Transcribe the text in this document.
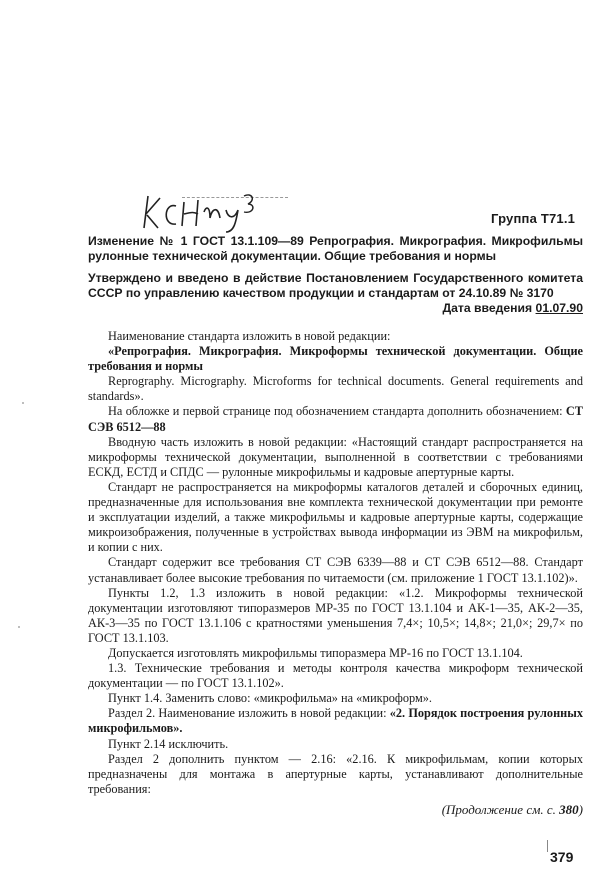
Группа Т71.1
Изменение № 1 ГОСТ 13.1.109—89 Репрография. Микрография. Микрофильмы рулонные технической документации. Общие требования и нормы
Утверждено и введено в действие Постановлением Государственного комитета СССР по управлению качеством продукции и стандартам от 24.10.89 № 3170
Дата введения 01.07.90

Наименование стандарта изложить в новой редакции:

«Репрография. Микрография. Микроформы технической документации. Общие требования и нормы

Reprography. Micrography. Microforms for technical documents. General requirements and standards».

На обложке и первой странице под обозначением стандарта дополнить обозначением: СТ СЭВ 6512—88

Вводную часть изложить в новой редакции: «Настоящий стандарт распространяется на микроформы технической документации, выполненной в соответствии с требованиями ЕСКД, ЕСТД и СПДС — рулонные микрофильмы и кадровые апертурные карты.

Стандарт не распространяется на микроформы каталогов деталей и сборочных единиц, предназначенные для использования вне комплекта технической документации при ремонте и эксплуатации изделий, а также микрофильмы и кадровые апертурные карты, содержащие микроизображения, полученные в устройствах вывода информации из ЭВМ на микрофильм, и копии с них.

Стандарт содержит все требования СТ СЭВ 6339—88 и СТ СЭВ 6512—88. Стандарт устанавливает более высокие требования по читаемости (см. приложение 1 ГОСТ 13.1.102)».

Пункты 1.2, 1.3 изложить в новой редакции: «1.2. Микроформы технической документации изготовляют типоразмеров МР-35 по ГОСТ 13.1.104 и АК-1—35, АК-2—35, АК-3—35 по ГОСТ 13.1.106 с кратностями уменьшения 7,4×; 10,5×; 14,8×; 21,0×; 29,7× по ГОСТ 13.1.103.

Допускается изготовлять микрофильмы типоразмера МР-16 по ГОСТ 13.1.104.

1.3. Технические требования и методы контроля качества микроформ технической документации — по ГОСТ 13.1.102».

Пункт 1.4. Заменить слово: «микрофильма» на «микроформ».

Раздел 2. Наименование изложить в новой редакции: «2. Порядок построения рулонных микрофильмов».

Пункт 2.14 исключить.

Раздел 2 дополнить пунктом — 2.16: «2.16. К микрофильмам, копии которых предназначены для монтажа в апертурные карты, устанавливают дополнительные требования:

(Продолжение см. с. 380)
379
